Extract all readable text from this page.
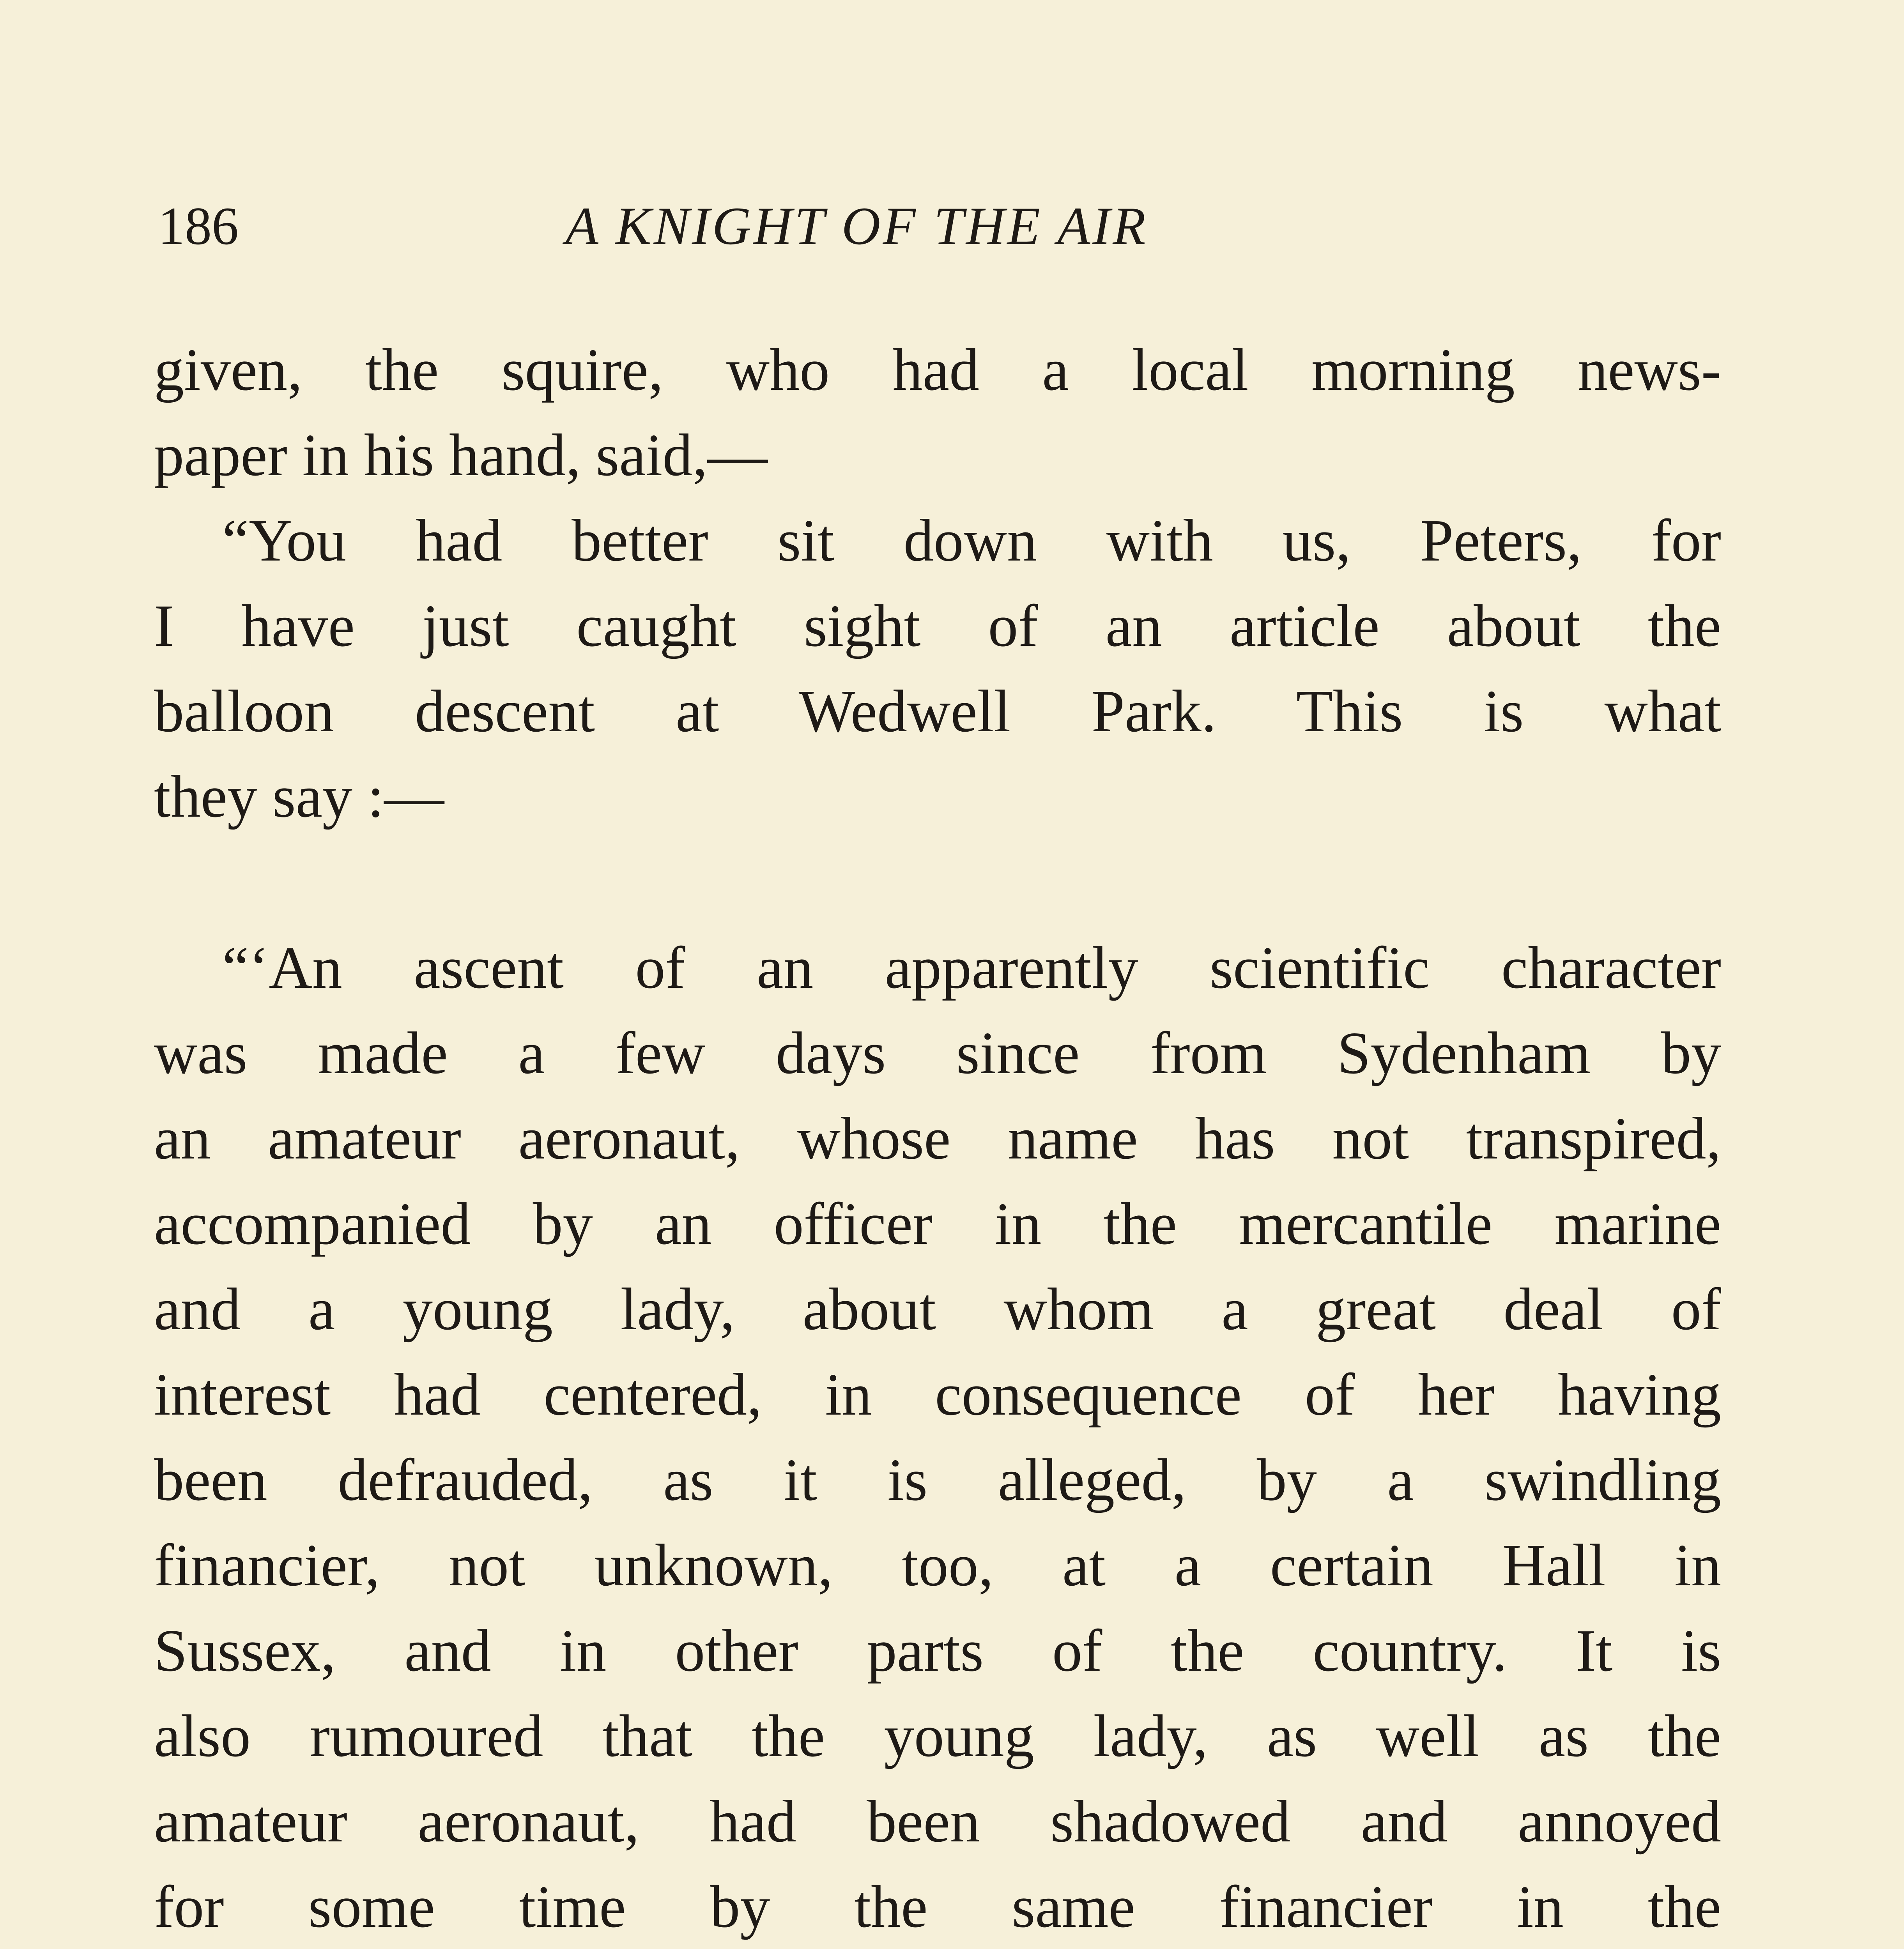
186	A KNIGHT OF THE AIR
given, the squire, who had a local morning news-
paper in his hand, said,—
“You had better sit down with us, Peters, for
I have just caught sight of an article about the
balloon descent at Wedwell Park. This is what
they say :—
“‘An ascent of an apparently scientific character
was made a few days since from Sydenham by
an amateur aeronaut, whose name has not transpired,
accompanied by an officer in the mercantile marine
and a young lady, about whom a great deal of
interest had centered, in consequence of her having
been defrauded, as it is alleged, by a swindling
financier, not unknown, too, at a certain Hall in
Sussex, and in other parts of the country. It is
also rumoured that the young lady, as well as the
amateur aeronaut, had been shadowed and annoyed
for some time by the same financier in the
